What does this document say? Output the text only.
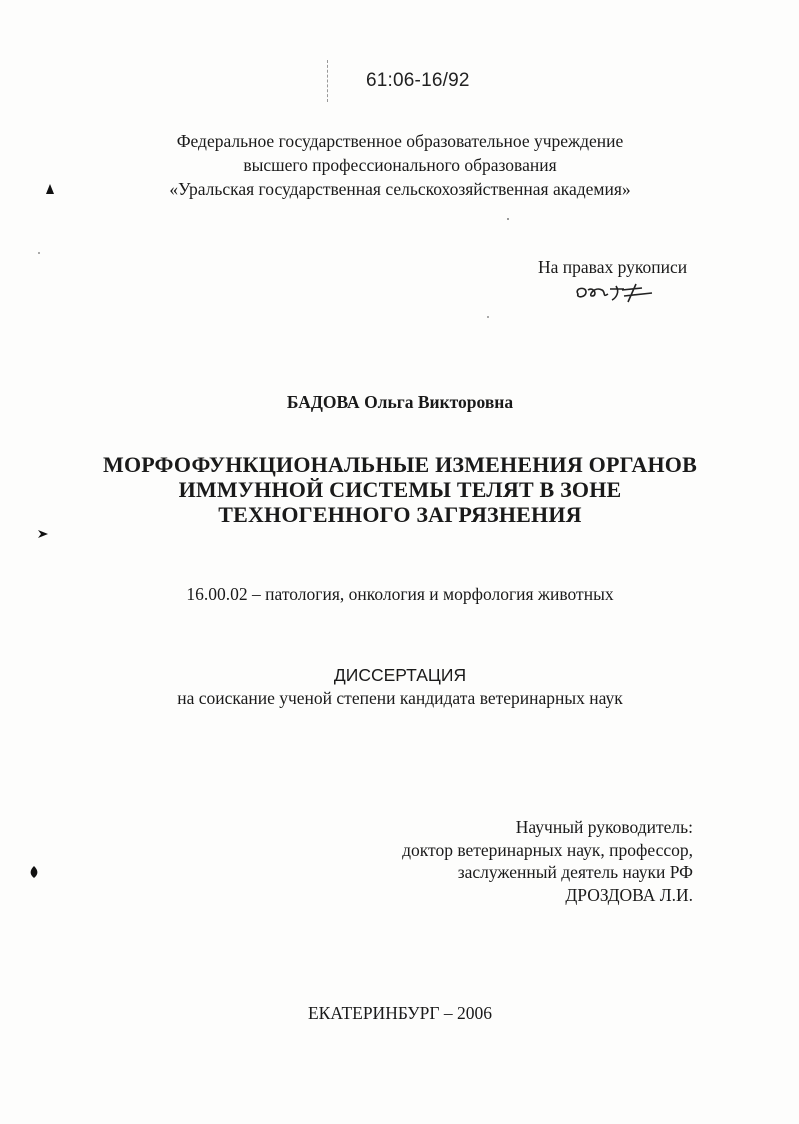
61:06-16/92
Федеральное государственное образовательное учреждение
высшего профессионального образования
«Уральская государственная сельскохозяйственная академия»
На правах рукописи
БАДОВА Ольга Викторовна
МОРФОФУНКЦИОНАЛЬНЫЕ ИЗМЕНЕНИЯ ОРГАНОВ
ИММУННОЙ СИСТЕМЫ ТЕЛЯТ В ЗОНЕ
ТЕХНОГЕННОГО ЗАГРЯЗНЕНИЯ
16.00.02 – патология, онкология и морфология животных
ДИССЕРТАЦИЯ
на соискание ученой степени кандидата ветеринарных наук
Научный руководитель:
доктор ветеринарных наук, профессор,
заслуженный деятель науки РФ
ДРОЗДОВА Л.И.
ЕКАТЕРИНБУРГ – 2006
